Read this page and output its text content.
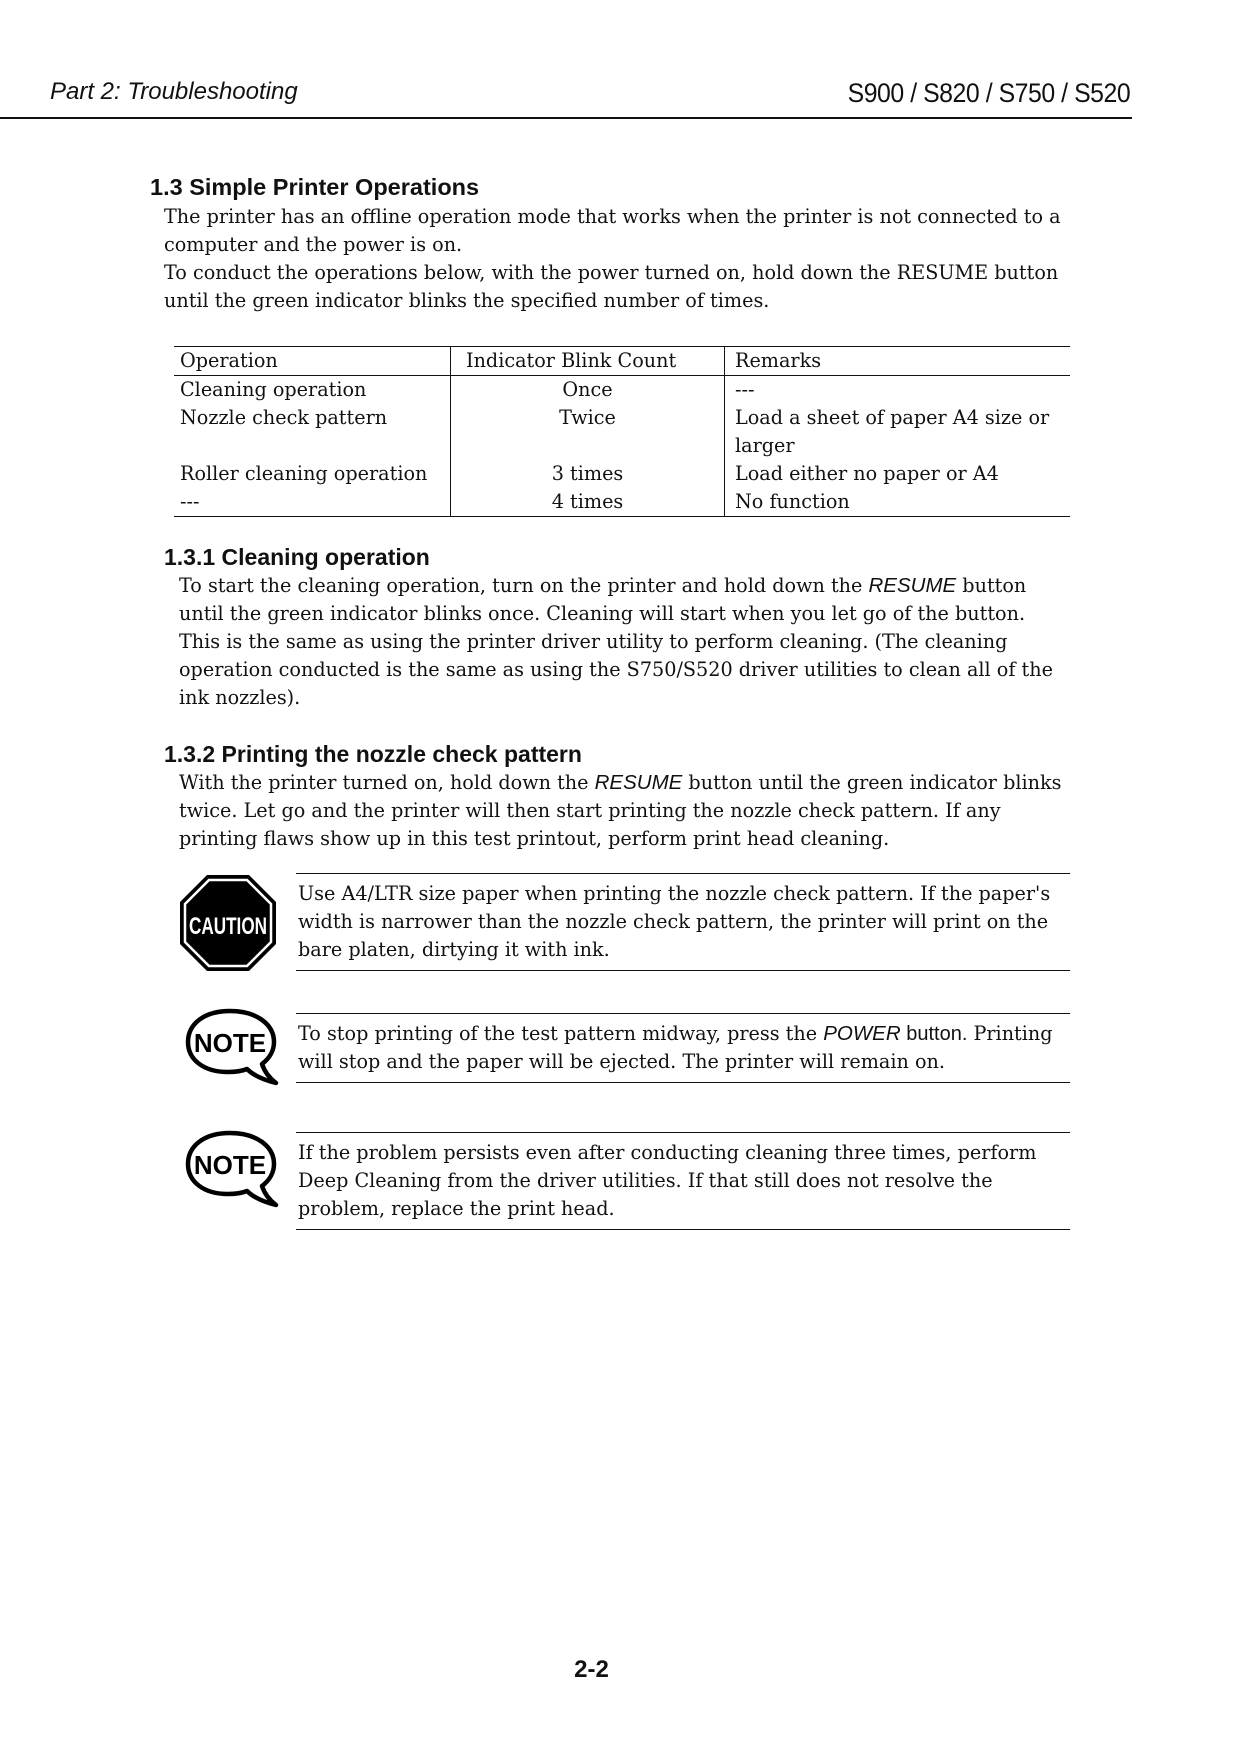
Part 2: Troubleshooting	S900 / S820 / S750 / S520
1.3 Simple Printer Operations

The printer has an offline operation mode that works when the printer is not connected to a computer and the power is on.

To conduct the operations below, with the power turned on, hold down the RESUME button until the green indicator blinks the specified number of times.

Operation	Indicator Blink Count	Remarks
Cleaning operation	Once	---
Nozzle check pattern	Twice	Load a sheet of paper A4 size or larger
Roller cleaning operation	3 times	Load either no paper or A4
---	4 times	No function
1.3.1 Cleaning operation

To start the cleaning operation, turn on the printer and hold down the RESUME button until the green indicator blinks once. Cleaning will start when you let go of the button. This is the same as using the printer driver utility to perform cleaning. (The cleaning operation conducted is the same as using the S750/S520 driver utilities to clean all of the ink nozzles).

1.3.2 Printing the nozzle check pattern

With the printer turned on, hold down the RESUME button until the green indicator blinks twice. Let go and the printer will then start printing the nozzle check pattern. If any printing flaws show up in this test printout, perform print head cleaning.

CAUTION

Use A4/LTR size paper when printing the nozzle check pattern. If the paper's width is narrower than the nozzle check pattern, the printer will print on the bare platen, dirtying it with ink.

NOTE To stop printing of the test pattern midway, press the POWER button. Printing will stop and the paper will be ejected. The printer will remain on.

NOTE If the problem persists even after conducting cleaning three times, perform Deep Cleaning from the driver utilities. If that still does not resolve the problem, replace the print head.

2-2
